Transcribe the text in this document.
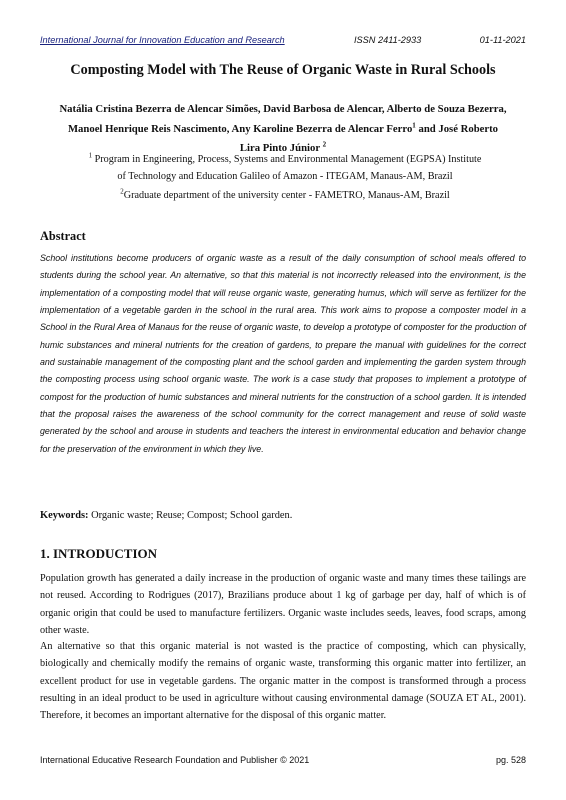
International Journal for Innovation Education and Research	ISSN 2411-2933	01-11-2021
Composting Model with The Reuse of Organic Waste in Rural Schools
Natália Cristina Bezerra de Alencar Simões, David Barbosa de Alencar, Alberto de Souza Bezerra,
Manoel Henrique Reis Nascimento, Any Karoline Bezerra de Alencar Ferro$^1$ and José Roberto
Lira Pinto Júnior $^2$
$^1$ Program in Engineering, Process, Systems and Environmental Management (EGPSA) Institute
of Technology and Education Galileo of Amazon - ITEGAM, Manaus-AM, Brazil
$^2$Graduate department of the university center - FAMETRO, Manaus-AM, Brazil
Abstract

School institutions become producers of organic waste as a result of the daily consumption of school meals offered to students during the school year. An alternative, so that this material is not incorrectly released into the environment, is the implementation of a composting model that will reuse organic waste, generating humus, which will serve as fertilizer for the implementation of a vegetable garden in the school in the rural area. This work aims to propose a composter model in a School in the Rural Area of Manaus for the reuse of organic waste, to develop a prototype of composter for the production of humic substances and mineral nutrients for the creation of gardens, to prepare the manual with guidelines for the correct and sustainable management of the composting plant and the school garden and implementing the garden system through the composting process using school organic waste. The work is a case study that proposes to implement a prototype of compost for the production of humic substances and mineral nutrients for the construction of a school garden. It is intended that the proposal raises the awareness of the school community for the correct management and reuse of solid waste generated by the school and arouse in students and teachers the interest in environmental education and behavior change for the preservation of the environment in which they live.

Keywords: Organic waste; Reuse; Compost; School garden.
1. INTRODUCTION

Population growth has generated a daily increase in the production of organic waste and many times these tailings are not reused. According to Rodrigues (2017), Brazilians produce about 1 kg of garbage per day, half of which is of organic origin that could be used to manufacture fertilizers. Organic waste includes seeds, leaves, food scraps, among other waste.

An alternative so that this organic material is not wasted is the practice of composting, which can physically, biologically and chemically modify the remains of organic waste, transforming this organic matter into fertilizer, an excellent product for use in vegetable gardens. The organic matter in the compost is transformed through a process resulting in an ideal product to be used in agriculture without causing environmental damage (SOUZA ET AL, 2001). Therefore, it becomes an important alternative for the disposal of this organic matter.

International Educative Research Foundation and Publisher © 2021	pg. 528
